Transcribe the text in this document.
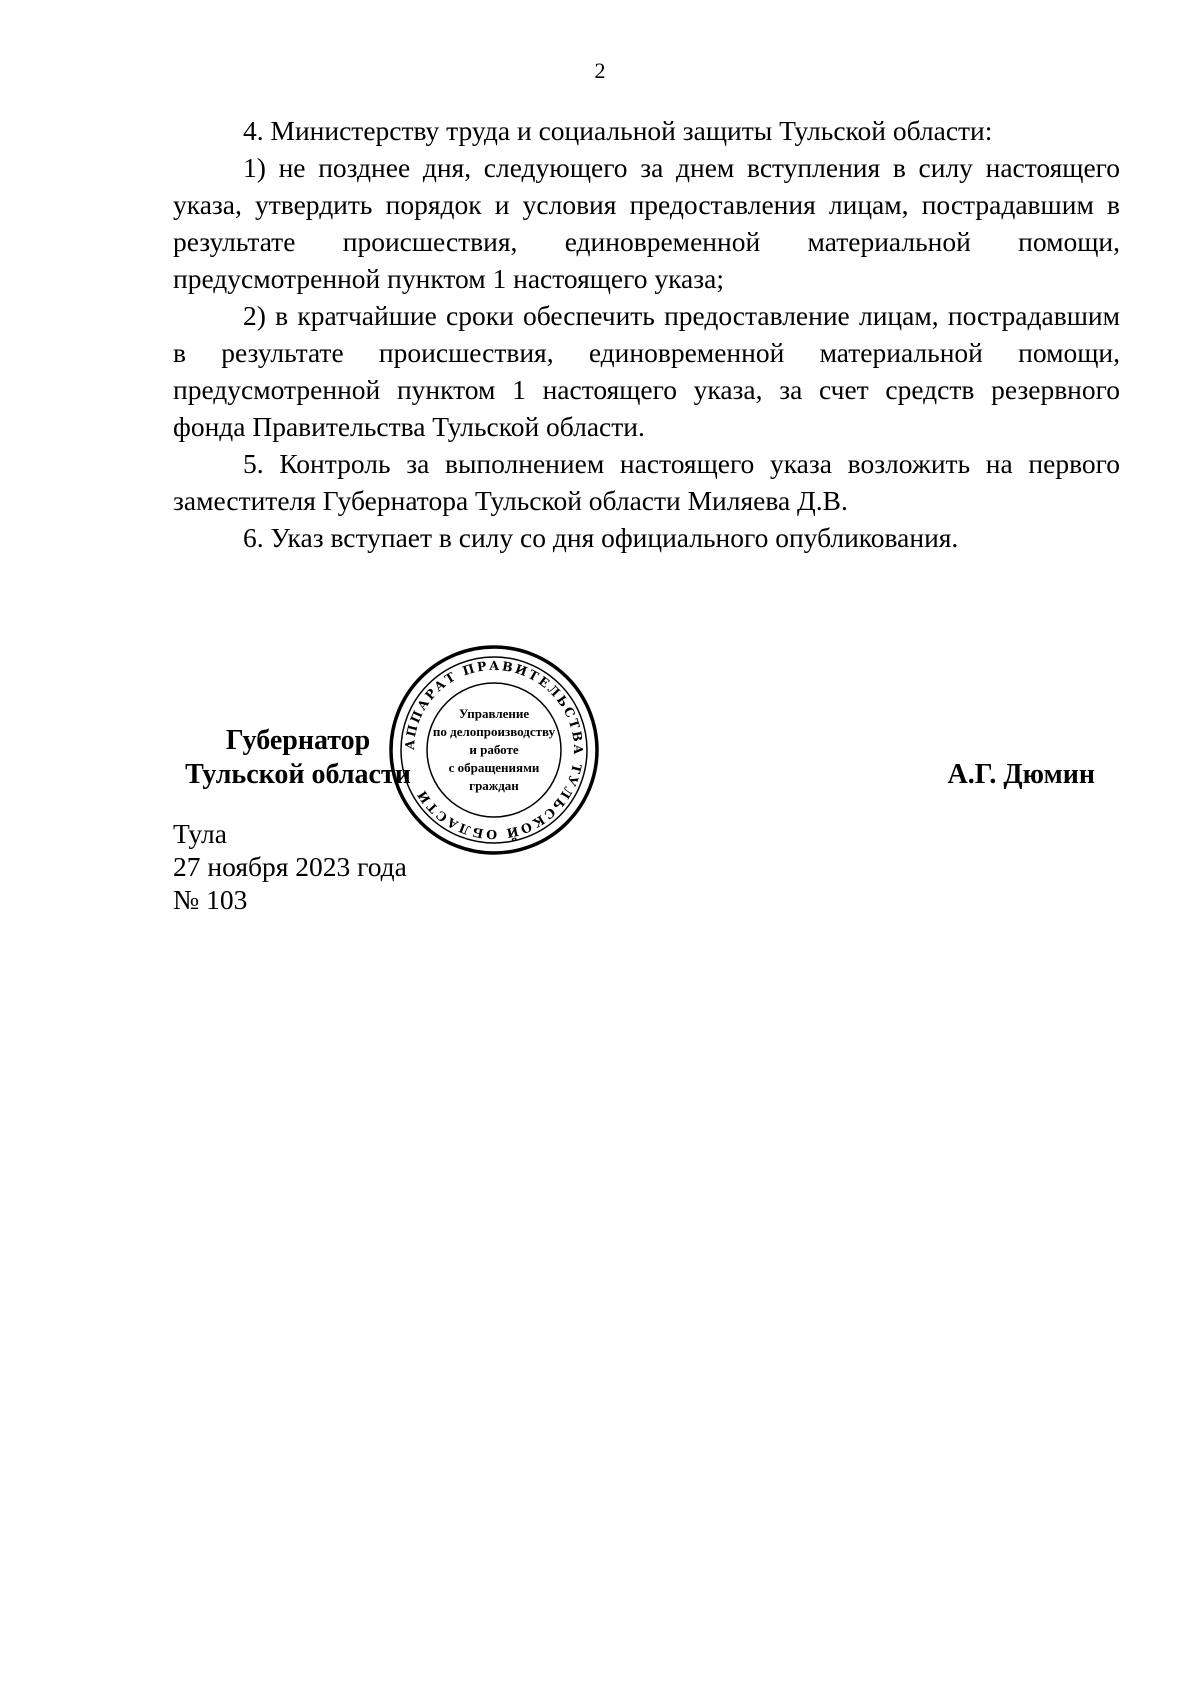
2

4. Министерству труда и социальной защиты Тульской области:

1) не позднее дня, следующего за днем вступления в силу настоящего указа, утвердить порядок и условия предоставления лицам, пострадавшим в результате происшествия, единовременной материальной помощи, предусмотренной пунктом 1 настоящего указа;

2) в кратчайшие сроки обеспечить предоставление лицам, пострадавшим в результате происшествия, единовременной материальной помощи, предусмотренной пунктом 1 настоящего указа, за счет средств резервного фонда Правительства Тульской области.

5. Контроль за выполнением настоящего указа возложить на первого заместителя Губернатора Тульской области Миляева Д.В.

6. Указ вступает в силу со дня официального опубликования.

Губернатор
Тульской области	А.Г. Дюмин
АППАРАТ ПРАВИТЕЛЬСТВА ТУЛЬСКОЙ ОБЛАСТИ
Управление
по делопроизводству
и работе
с обращениями
граждан
Тула
27 ноября 2023 года
№ 103
